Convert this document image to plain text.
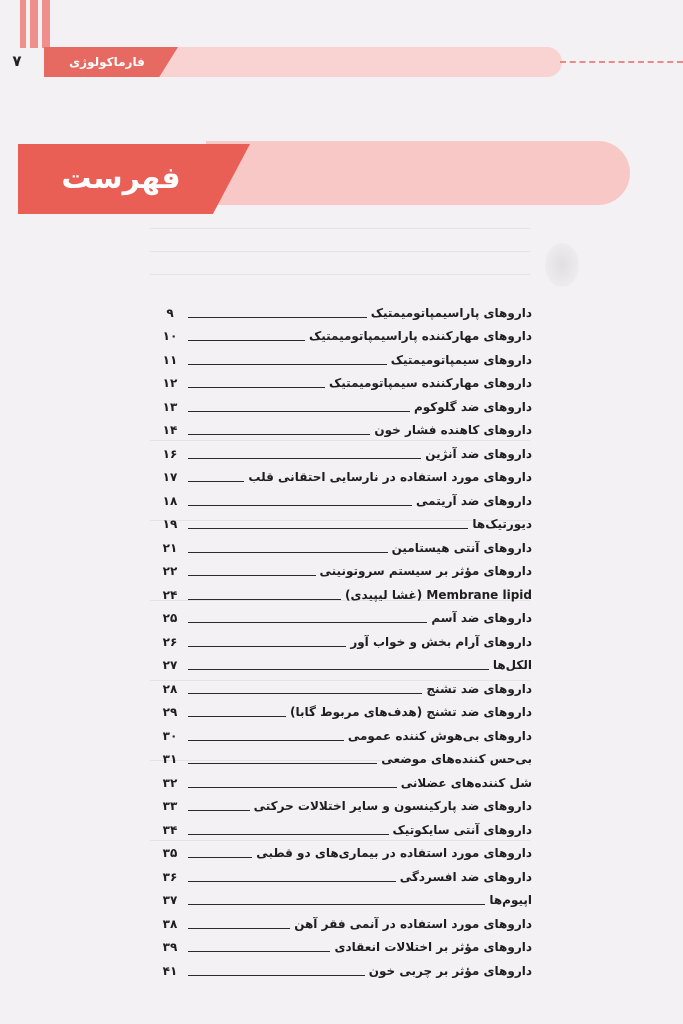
فارماکولوژی
۷
فهرست
داروهای پاراسیمپاتومیمتیک
۹
داروهای مهارکننده پاراسیمپاتومیمتیک
۱۰
داروهای سیمپاتومیمتیک
۱۱
داروهای مهارکننده سیمپاتومیمتیک
۱۲
داروهای ضد گلوکوم
۱۳
داروهای کاهنده فشار خون
۱۴
داروهای ضد آنژین
۱۶
داروهای مورد استفاده در نارسایی احتقانی قلب
۱۷
داروهای ضد آریتمی
۱۸
دیورتیک‌ها
۱۹
داروهای آنتی هیستامین
۲۱
داروهای مؤثر بر سیستم سروتونینی
۲۲
Membrane lipid (غشا لیپیدی)
۲۴
داروهای ضد آسم
۲۵
داروهای آرام بخش و خواب آور
۲۶
الکل‌ها
۲۷
داروهای ضد تشنج
۲۸
داروهای ضد تشنج (هدف‌های مربوط گابا)
۲۹
داروهای بی‌هوش کننده عمومی
۳۰
بی‌حس کننده‌های موضعی
۳۱
شل کننده‌های عضلانی
۳۲
داروهای ضد پارکینسون و سایر اختلالات حرکتی
۳۳
داروهای آنتی سایکوتیک
۳۴
داروهای مورد استفاده در بیماری‌های دو قطبی
۳۵
داروهای ضد افسردگی
۳۶
اپیوم‌ها
۳۷
داروهای مورد استفاده در آنمی فقر آهن
۳۸
داروهای مؤثر بر اختلالات انعقادی
۳۹
داروهای مؤثر بر چربی خون
۴۱
